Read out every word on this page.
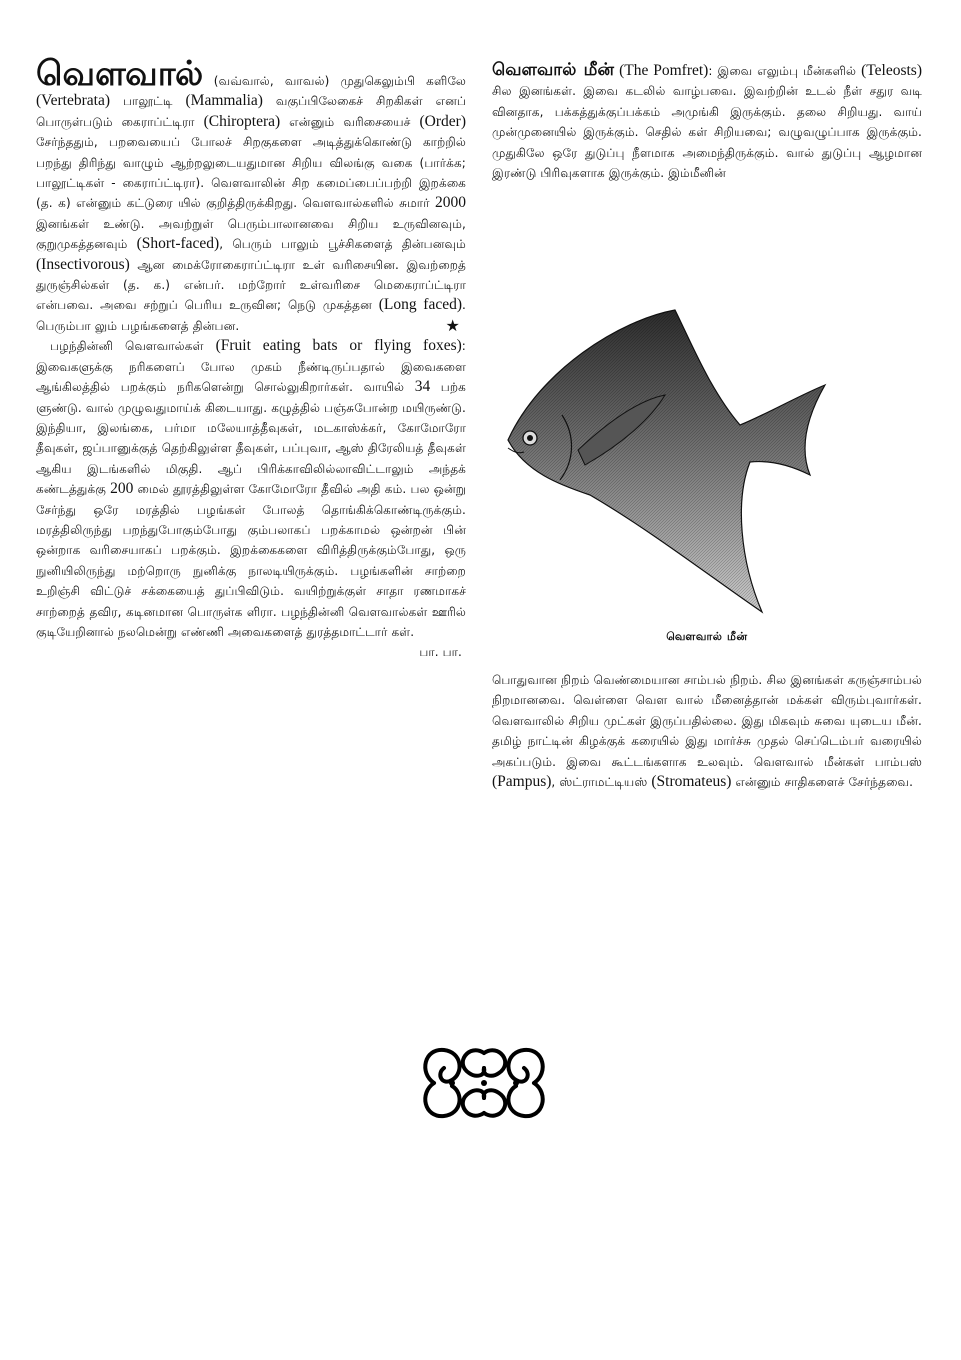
வௌவால் (வவ்வால், வாவல்) முதுகெலும்பி களிலே (Vertebrata) பாலூட்டி (Mammalia) வகுப்பிலேகைச் சிறகிகள் எனப் பொருள்படும் கைராப்ட்டிரா (Chiroptera) என்னும் வரிசையைச் (Order) சேர்ந்ததும், பறவையைப் போலச் சிறகுகளை அடித்துக்கொண்டு காற்றில் பறந்து திரிந்து வாழும் ஆற்றலுடையதுமான சிறிய விலங்கு வகை (பார்க்க; பாலூட்டிகள் - கைராப்ட்டிரா). வௌவாலின் சிற கமைப்பைப்பற்றி இறக்கை (த. க) என்னும் கட்டுரை யில் குறித்திருக்கிறது. வௌவால்களில் சுமார் 2000 இனங்கள் உண்டு. அவற்றுள் பெரும்பாலானவை சிறிய உருவினவும், குறுமுகத்தனவும் (Short-faced), பெரும் பாலும் பூச்சிகளைத் தின்பனவும் (Insectivorous) ஆன மைக்ரோகைராப்ட்டிரா உள் வரிசையின. இவற்றைத் துருஞ்சில்கள் (த. க.) என்பர். மற்றோர் உள்வரிசை மெகைராப்ட்டிரா என்பவை. அவை சற்றுப் பெரிய உருவின; நெடு முகத்தன (Long faced). பெரும்பா லும் பழங்களைத் தின்பன.	★

பழந்தின்னி வௌவால்கள் (Fruit eating bats or flying foxes): இவைகளுக்கு நரிகளைப் போல முகம் நீண்டிருப்பதால் இவைகளை ஆங்கிலத்தில் பறக்கும் நரிகளென்று சொல்லுகிறார்கள். வாயில் 34 பற்க ளுண்டு. வால் முழுவதுமாய்க் கிடையாது. கழுத்தில் பஞ்சுபோன்ற மயிருண்டு. இந்தியா, இலங்கை, பர்மா மலேயாத்தீவுகள், மடகாஸ்க்கர், கோமோரோ தீவுகள், ஜப்பானுக்குத் தெற்கிலுள்ள தீவுகள், பப்புவா, ஆஸ் திரேலியத் தீவுகள் ஆகிய இடங்களில் மிகுதி. ஆப் பிரிக்காவிலில்லாவிட்டாலும் அந்தக் கண்டத்துக்கு 200 மைல் தூரத்திலுள்ள கோமோரோ தீவில் அதி கம். பல ஒன்று சேர்ந்து ஒரே மரத்தில் பழங்கள் போலத் தொங்கிக்கொண்டிருக்கும். மரத்திலிருந்து பறந்துபோகும்போது கும்பலாகப் பறக்காமல் ஒன்றன் பின் ஒன்றாக வரிசையாகப் பறக்கும். இறக்கைகளை விரித்திருக்கும்போது, ஒரு நுனியிலிருந்து மற்றொரு நுனிக்கு நாலடியிருக்கும். பழங்களின் சாற்றை உறிஞ்சி விட்டுச் சக்கையைத் துப்பிவிடும். வயிற்றுக்குள் சாதா ரணமாகச் சாற்றைத் தவிர, கடினமான பொருள்க ளிரா. பழந்தின்னி வௌவால்கள் ஊரில் குடியேறினால் நலமென்று எண்ணி அவைகளைத் துரத்தமாட்டார் கள்.

பா. பா.

வௌவால் மீன் (The Pomfret): இவை எலும்பு மீன்களில் (Teleosts) சில இனங்கள். இவை கடலில் வாழ்பவை. இவற்றின் உடல் நீள் சதுர வடி வினதாக, பக்கத்துக்குப்பக்கம் அமுங்கி இருக்கும். தலை சிறியது. வாய் முன்முனையில் இருக்கும். செதில் கள் சிறியவை; வழுவழுப்பாக இருக்கும். முதுகிலே ஒரே துடுப்பு நீளமாக அமைந்திருக்கும். வால் துடுப்பு ஆழமான இரண்டு பிரிவுகளாக இருக்கும். இம்மீனின்

வௌவால் மீன்

பொதுவான நிறம் வெண்மையான சாம்பல் நிறம். சில இனங்கள் கருஞ்சாம்பல் நிறமானவை. வெள்ளை வௌ வால் மீனைத்தான் மக்கள் விரும்புவார்கள். வௌவாலில் சிறிய முட்கள் இருப்பதில்லை. இது மிகவும் சுவை யுடைய மீன். தமிழ் நாட்டின் கிழக்குக் கரையில் இது மார்ச்சு முதல் செப்டெம்பர் வரையில் அகப்படும். இவை கூட்டங்களாக உலவும். வௌவால் மீன்கள் பாம்பஸ் (Pampus), ஸ்ட்ராமட்டியஸ் (Stromateus) என்னும் சாதிகளைச் சேர்ந்தவை.
